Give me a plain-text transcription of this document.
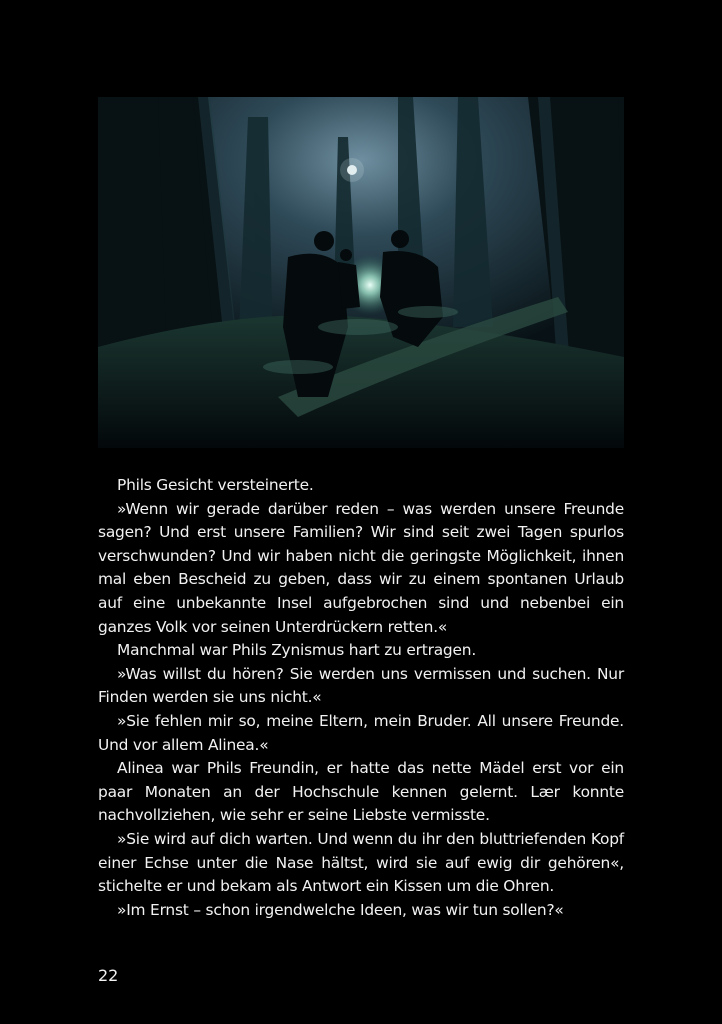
Phils Gesicht versteinerte.

»Wenn wir gerade darüber reden – was werden unsere Freunde sagen? Und erst unsere Familien? Wir sind seit zwei Tagen spurlos verschwunden? Und wir haben nicht die geringste Möglichkeit, ihnen mal eben Bescheid zu geben, dass wir zu einem spontanen Urlaub auf eine unbekannte Insel aufgebrochen sind und nebenbei ein ganzes Volk vor seinen Unterdrückern retten.«

Manchmal war Phils Zynismus hart zu ertragen.

»Was willst du hören? Sie werden uns vermissen und suchen. Nur Finden werden sie uns nicht.«

»Sie fehlen mir so, meine Eltern, mein Bruder. All unsere Freunde. Und vor allem Alinea.«

Alinea war Phils Freundin, er hatte das nette Mädel erst vor ein paar Monaten an der Hochschule kennen gelernt. Lær konnte nachvollziehen, wie sehr er seine Liebste vermisste.

»Sie wird auf dich warten. Und wenn du ihr den bluttriefenden Kopf einer Echse unter die Nase hältst, wird sie auf ewig dir gehören«, stichelte er und bekam als Antwort ein Kissen um die Ohren.

»Im Ernst – schon irgendwelche Ideen, was wir tun sollen?«

22
